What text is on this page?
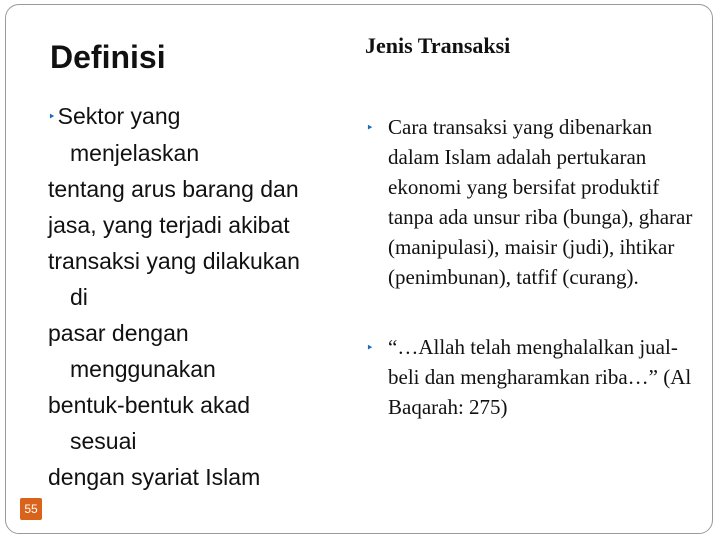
Definisi
‣Sektor yang
menjelaskan
tentang arus barang dan
jasa, yang terjadi akibat
transaksi yang dilakukan
di
pasar dengan
menggunakan
bentuk-bentuk akad
sesuai
dengan syariat Islam
Jenis Transaksi
‣ Cara transaksi yang dibenarkan dalam Islam adalah pertukaran ekonomi yang bersifat produktif tanpa ada unsur riba (bunga), gharar (manipulasi), maisir (judi), ihtikar (penimbunan), tatfif (curang).
‣ “…Allah telah menghalalkan jual-beli dan mengharamkan riba…” (Al Baqarah: 275)
55
